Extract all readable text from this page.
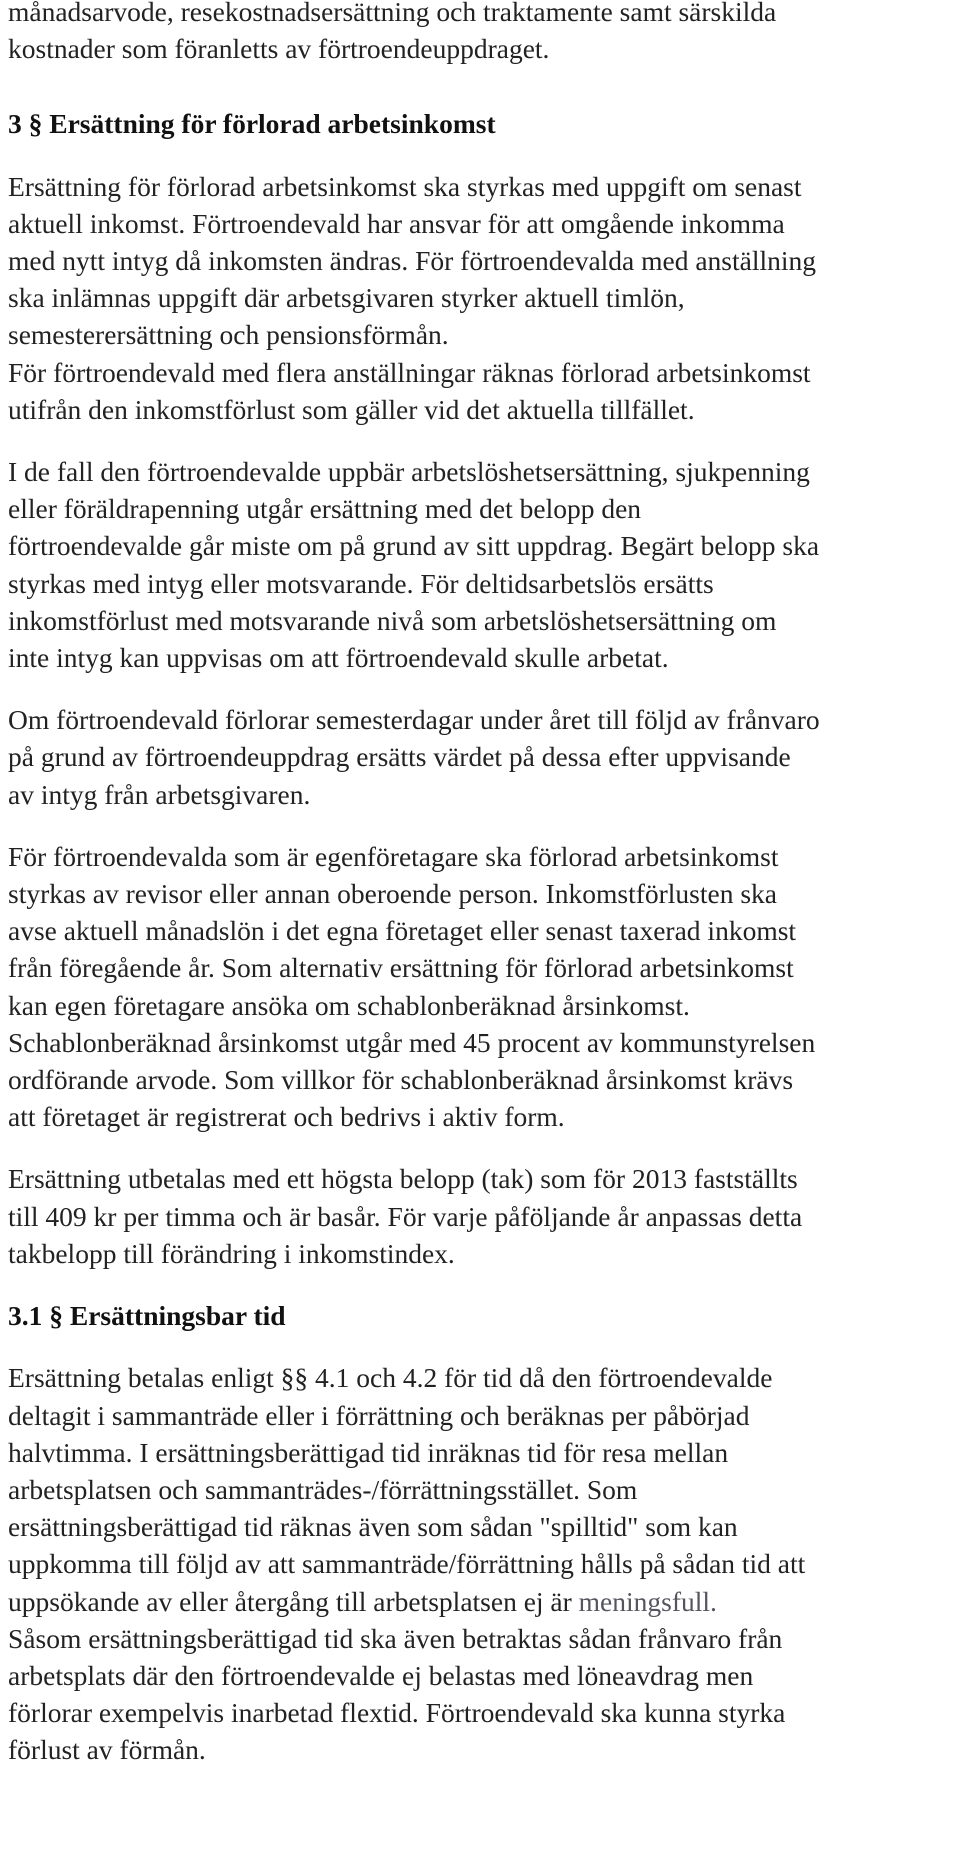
månadsarvode, resekostnadsersättning och traktamente samt särskilda
kostnader som föranletts av förtroendeuppdraget.

3 § Ersättning för förlorad arbetsinkomst

Ersättning för förlorad arbetsinkomst ska styrkas med uppgift om senast
aktuell inkomst. Förtroendevald har ansvar för att omgående inkomma
med nytt intyg då inkomsten ändras. För förtroendevalda med anställning
ska inlämnas uppgift där arbetsgivaren styrker aktuell timlön,
semesterersättning och pensionsförmån.
För förtroendevald med flera anställningar räknas förlorad arbetsinkomst
utifrån den inkomstförlust som gäller vid det aktuella tillfället.

I de fall den förtroendevalde uppbär arbetslöshetsersättning, sjukpenning
eller föräldrapenning utgår ersättning med det belopp den
förtroendevalde går miste om på grund av sitt uppdrag. Begärt belopp ska
styrkas med intyg eller motsvarande. För deltidsarbetslös ersätts
inkomstförlust med motsvarande nivå som arbetslöshetsersättning om
inte intyg kan uppvisas om att förtroendevald skulle arbetat.

Om förtroendevald förlorar semesterdagar under året till följd av frånvaro
på grund av förtroendeuppdrag ersätts värdet på dessa efter uppvisande
av intyg från arbetsgivaren.

För förtroendevalda som är egenföretagare ska förlorad arbetsinkomst
styrkas av revisor eller annan oberoende person. Inkomstförlusten ska
avse aktuell månadslön i det egna företaget eller senast taxerad inkomst
från föregående år. Som alternativ ersättning för förlorad arbetsinkomst
kan egen företagare ansöka om schablonberäknad årsinkomst.
Schablonberäknad årsinkomst utgår med 45 procent av kommunstyrelsen
ordförande arvode. Som villkor för schablonberäknad årsinkomst krävs
att företaget är registrerat och bedrivs i aktiv form.

Ersättning utbetalas med ett högsta belopp (tak) som för 2013 fastställts
till 409 kr per timma och är basår. För varje påföljande år anpassas detta
takbelopp till förändring i inkomstindex.

3.1 § Ersättningsbar tid

Ersättning betalas enligt §§ 4.1 och 4.2 för tid då den förtroendevalde
deltagit i sammanträde eller i förrättning och beräknas per påbörjad
halvtimma. I ersättningsberättigad tid inräknas tid för resa mellan
arbetsplatsen och sammanträdes-/förrättningsstället. Som
ersättningsberättigad tid räknas även som sådan "spilltid" som kan
uppkomma till följd av att sammanträde/förrättning hålls på sådan tid att
uppsökande av eller återgång till arbetsplatsen ej är meningsfull.
Såsom ersättningsberättigad tid ska även betraktas sådan frånvaro från
arbetsplats där den förtroendevalde ej belastas med löneavdrag men
förlorar exempelvis inarbetad flextid. Förtroendevald ska kunna styrka
förlust av förmån.
